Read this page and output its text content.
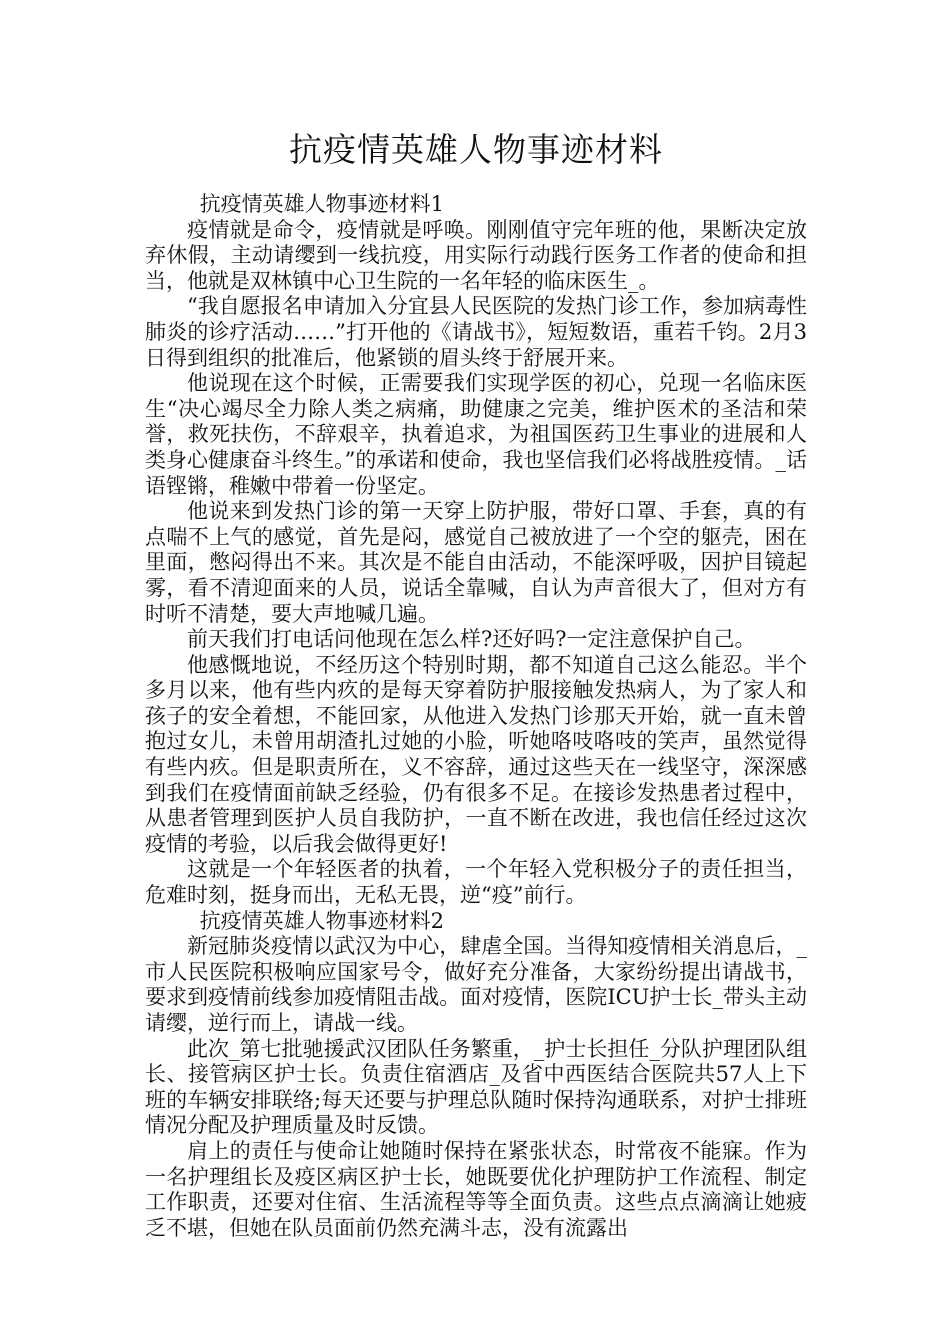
抗疫情英雄人物事迹材料

抗疫情英雄人物事迹材料1

疫情就是命令，疫情就是呼唤。刚刚值守完年班的他，果断决定放弃休假，主动请缨到一线抗疫，用实际行动践行医务工作者的使命和担当，他就是双林镇中心卫生院的一名年轻的临床医生_。

“我自愿报名申请加入分宜县人民医院的发热门诊工作，参加病毒性肺炎的诊疗活动……”打开他的《请战书》，短短数语，重若千钧。2月3日得到组织的批准后，他紧锁的眉头终于舒展开来。

他说现在这个时候，正需要我们实现学医的初心，兑现一名临床医生“决心竭尽全力除人类之病痛，助健康之完美，维护医术的圣洁和荣誉，救死扶伤，不辞艰辛，执着追求，为祖国医药卫生事业的进展和人类身心健康奋斗终生。”的承诺和使命，我也坚信我们必将战胜疫情。_话语铿锵，稚嫩中带着一份坚定。

他说来到发热门诊的第一天穿上防护服，带好口罩、手套，真的有点喘不上气的感觉，首先是闷，感觉自己被放进了一个空的躯壳，困在里面，憋闷得出不来。其次是不能自由活动，不能深呼吸，因护目镜起雾，看不清迎面来的人员，说话全靠喊，自认为声音很大了，但对方有时听不清楚，要大声地喊几遍。

前天我们打电话问他现在怎么样?还好吗?一定注意保护自己。

他感慨地说，不经历这个特别时期，都不知道自己这么能忍。半个多月以来，他有些内疚的是每天穿着防护服接触发热病人，为了家人和孩子的安全着想，不能回家，从他进入发热门诊那天开始，就一直未曾抱过女儿，未曾用胡渣扎过她的小脸，听她咯吱咯吱的笑声，虽然觉得有些内疚。但是职责所在，义不容辞，通过这些天在一线坚守，深深感到我们在疫情面前缺乏经验，仍有很多不足。在接诊发热患者过程中，从患者管理到医护人员自我防护，一直不断在改进，我也信任经过这次疫情的考验，以后我会做得更好!

这就是一个年轻医者的执着，一个年轻入党积极分子的责任担当，危难时刻，挺身而出，无私无畏，逆“疫”前行。

抗疫情英雄人物事迹材料2

新冠肺炎疫情以武汉为中心，肆虐全国。当得知疫情相关消息后，_市人民医院积极响应国家号令，做好充分准备，大家纷纷提出请战书，要求到疫情前线参加疫情阻击战。面对疫情，医院ICU护士长_带头主动请缨，逆行而上，请战一线。

此次_第七批驰援武汉团队任务繁重，_护士长担任_分队护理团队组长、接管病区护士长。负责住宿酒店_及省中西医结合医院共57人上下班的车辆安排联络;每天还要与护理总队随时保持沟通联系，对护士排班情况分配及护理质量及时反馈。

肩上的责任与使命让她随时保持在紧张状态，时常夜不能寐。作为一名护理组长及疫区病区护士长，她既要优化护理防护工作流程、制定工作职责，还要对住宿、生活流程等等全面负责。这些点点滴滴让她疲乏不堪，但她在队员面前仍然充满斗志，没有流露出
